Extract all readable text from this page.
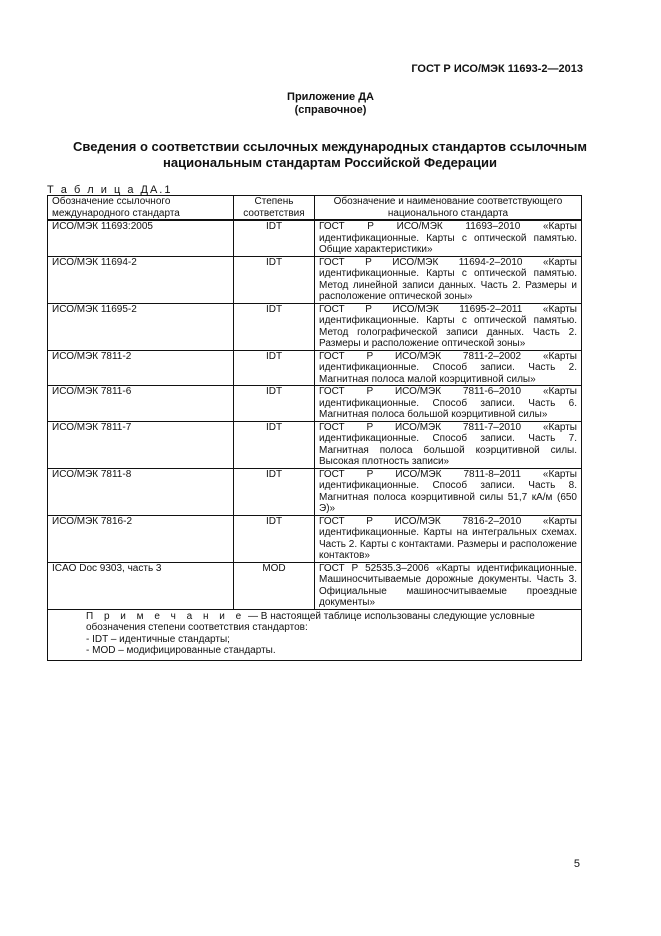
ГОСТ Р ИСО/МЭК 11693-2—2013
Приложение ДА
(справочное)
Сведения о соответствии ссылочных международных стандартов ссылочным национальным стандартам Российской Федерации
Т а б л и ц а ДА.1
Обозначение ссылочного международного стандарта	Степень соответствия	Обозначение и наименование соответствующего национального стандарта
ИСО/МЭК 11693:2005	IDT	ГОСТ Р ИСО/МЭК 11693–2010 «Карты идентификационные. Карты с оптической памятью. Общие характеристики»
ИСО/МЭК 11694-2	IDT	ГОСТ Р ИСО/МЭК 11694-2–2010 «Карты идентификационные. Карты с оптической памятью. Метод линейной записи данных. Часть 2. Размеры и расположение оптической зоны»
ИСО/МЭК 11695-2	IDT	ГОСТ Р ИСО/МЭК 11695-2–2011 «Карты идентификационные. Карты с оптической памятью. Метод голографической записи данных. Часть 2. Размеры и расположение оптической зоны»
ИСО/МЭК 7811-2	IDT	ГОСТ Р ИСО/МЭК 7811-2–2002 «Карты идентификационные. Способ записи. Часть 2. Магнитная полоса малой коэрцитивной силы»
ИСО/МЭК 7811-6	IDT	ГОСТ Р ИСО/МЭК 7811-6–2010 «Карты идентификационные. Способ записи. Часть 6. Магнитная полоса большой коэрцитивной силы»
ИСО/МЭК 7811-7	IDT	ГОСТ Р ИСО/МЭК 7811-7–2010 «Карты идентификационные. Способ записи. Часть 7. Магнитная полоса большой коэрцитивной силы. Высокая плотность записи»
ИСО/МЭК 7811-8	IDT	ГОСТ Р ИСО/МЭК 7811-8–2011 «Карты идентификационные. Способ записи. Часть 8. Магнитная полоса коэрцитивной силы 51,7 кА/м (650 Э)»
ИСО/МЭК 7816-2	IDT	ГОСТ Р ИСО/МЭК 7816-2–2010 «Карты идентификационные. Карты на интегральных схемах. Часть 2. Карты с контактами. Размеры и расположение контактов»
ICAO Doc 9303, часть 3	MOD	ГОСТ Р 52535.3–2006 «Карты идентификационные. Машиносчитываемые дорожные документы. Часть 3. Официальные машиносчитываемые проездные документы»

П р и м е ч а н и е — В настоящей таблице использованы следующие условные обозначения степени соответствия стандартов:
- IDT – идентичные стандарты;
- MOD – модифицированные стандарты.		
5
